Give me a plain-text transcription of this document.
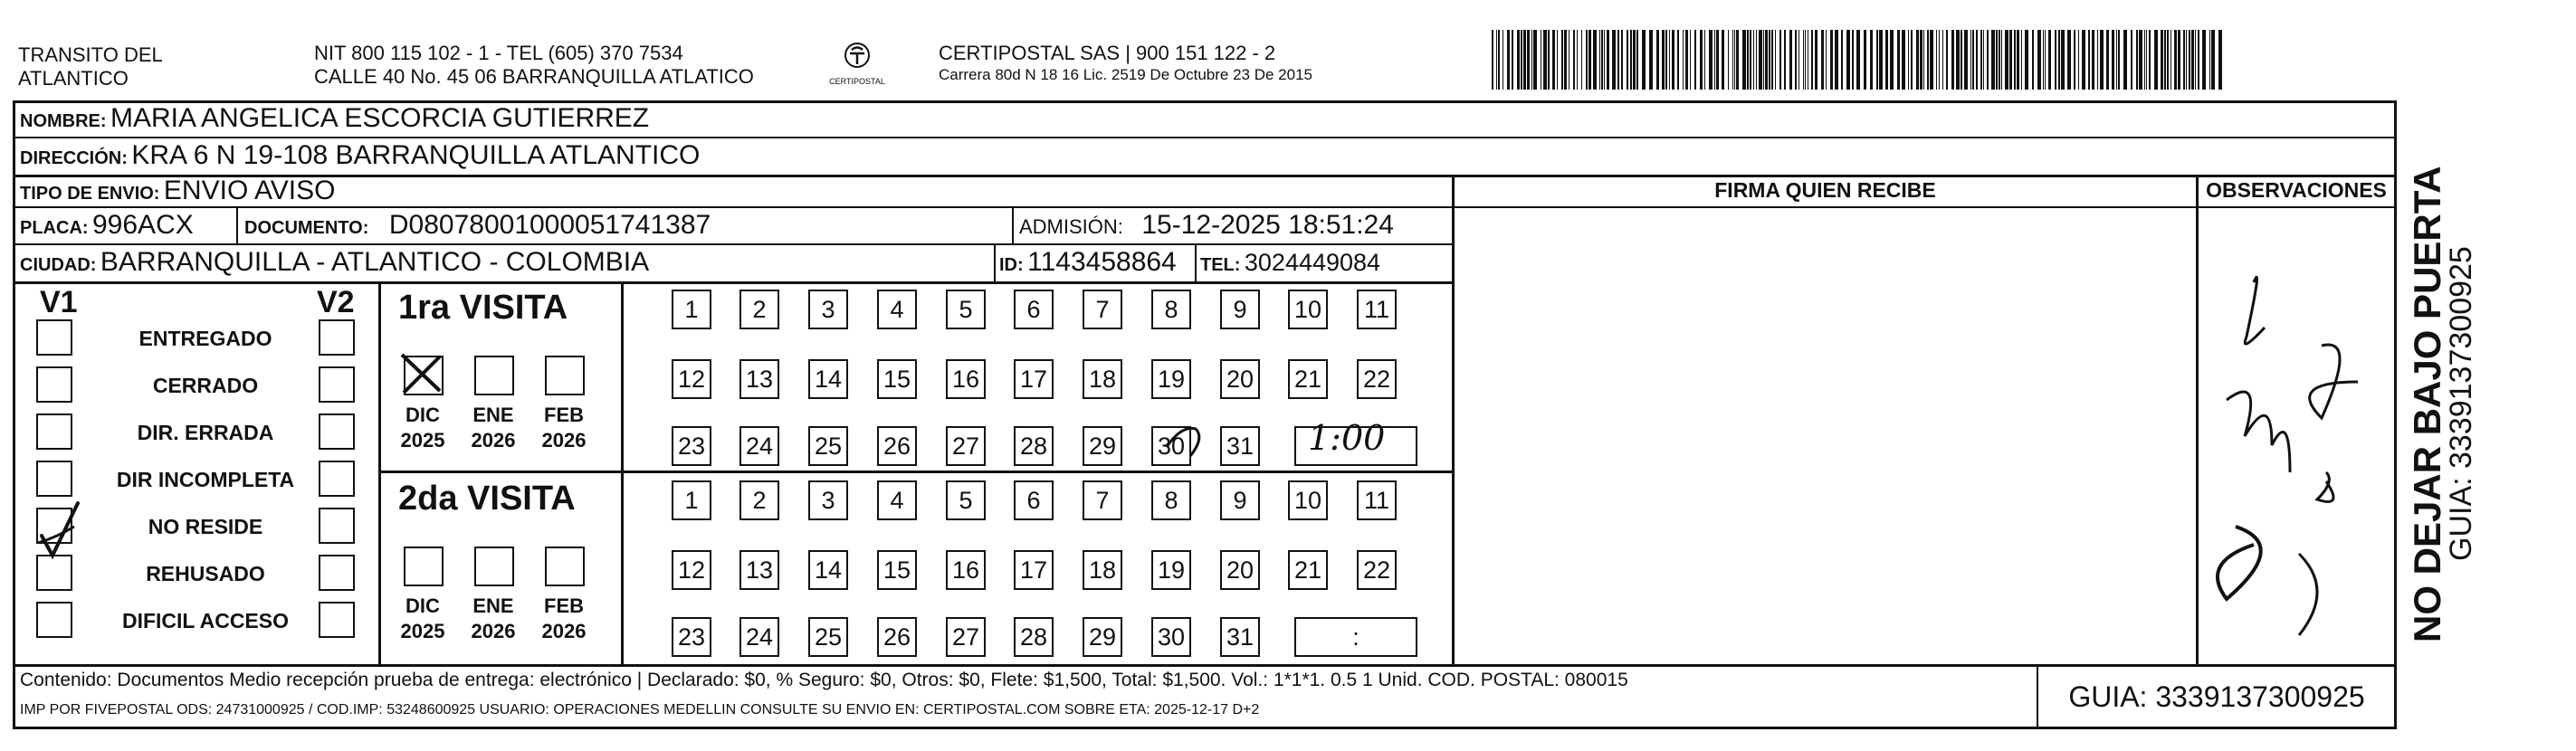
TRANSITO DEL
ATLANTICO
NIT 800 115 102 - 1 - TEL (605) 370 7534
CALLE 40 No. 45 06 BARRANQUILLA ATLATICO	CERTIPOSTAL
CERTIPOSTAL SAS | 900 151 122 - 2
Carrera 80d N 18 16 Lic. 2519 De Octubre 23 De 2015
NOMBRE: MARIA ANGELICA ESCORCIA GUTIERREZ
DIRECCIÓN: KRA 6 N 19-108 BARRANQUILLA ATLANTICO
TIPO DE ENVIO: ENVIO AVISO	FIRMA QUIEN RECIBE	OBSERVACIONES
PLACA: 996ACX	DOCUMENTO: D08078001000051741387	ADMISIÓN: 15-12-2025 18:51:24
CIUDAD: BARRANQUILLA - ATLANTICO - COLOMBIA	ID: 1143458864 TEL: 3024449084
V1	V2
ENTREGADO
CERRADO
DIR. ERRADA
DIR INCOMPLETA
NO RESIDE
REHUSADO
DIFICIL ACCESO
1ra VISITA
DIC
2025
ENE
2026
FEB
2026
1	2	3	4	5	6	7	8	9	10 11
12 13 14 15 16 17 18 19 20 21 22
23 24 25 26 27 28 29 30 31
2da VISITA
DIC
2025
ENE
2026
FEB
2026
1	2	3	4	5	6	7	8	9	10 11
12 13 14 15 16 17 18 19 20 21 22
23 24 25 26 27 28 29 30 31	:
1:00
Contenido: Documentos Medio recepción prueba de entrega: electrónico | Declarado: $0, % Seguro: $0, Otros: $0, Flete: $1,500, Total: $1,500. Vol.: 1*1*1. 0.5 1 Unid. COD. POSTAL: 080015
IMP POR FIVEPOSTAL ODS: 24731000925 / COD.IMP: 53248600925 USUARIO: OPERACIONES MEDELLIN CONSULTE SU ENVIO EN: CERTIPOSTAL.COM SOBRE ETA: 2025-12-17 D+2	GUIA: 3339137300925
NO DEJAR BAJO PUERTA
GUIA: 3339137300925
